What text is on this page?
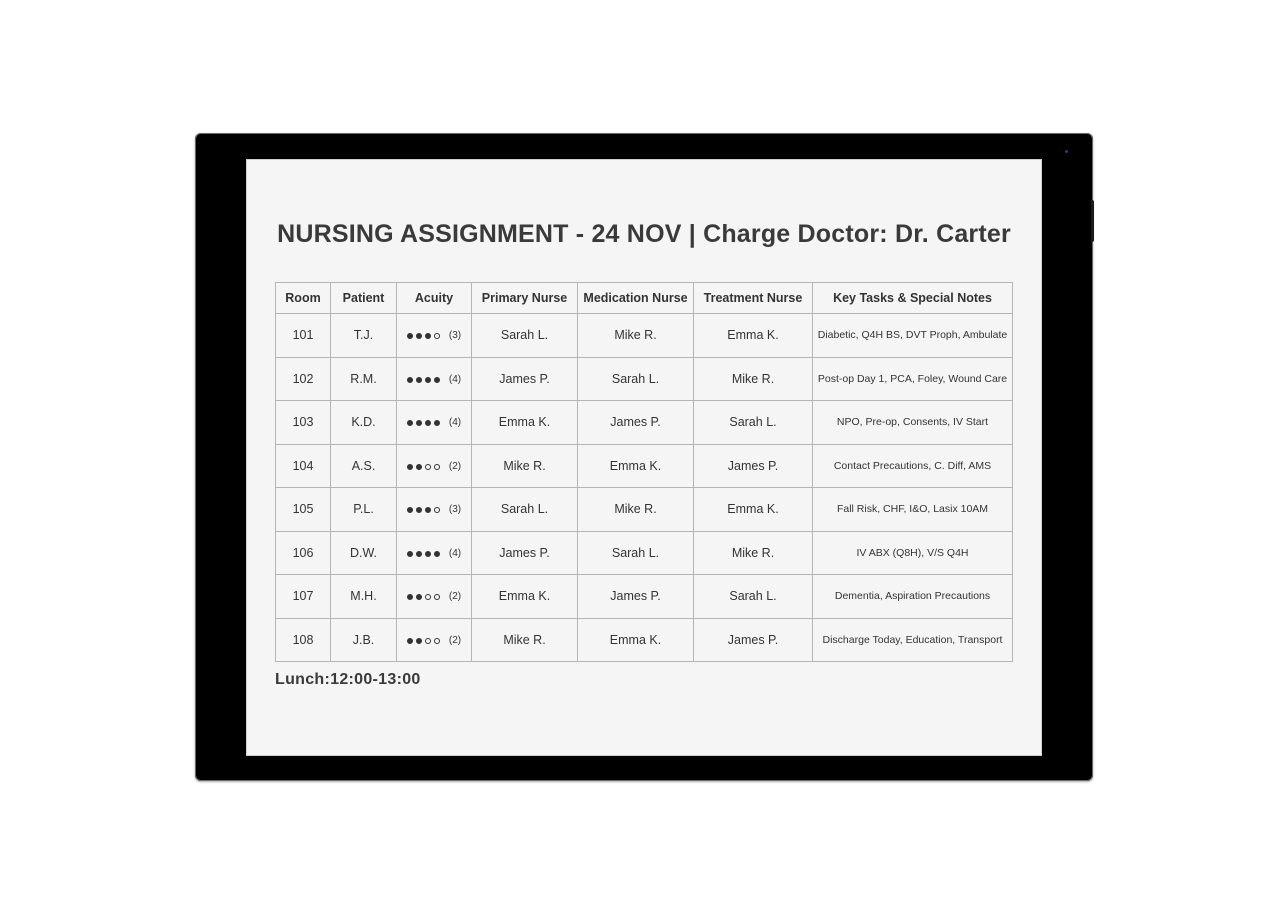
NURSING ASSIGNMENT - 24 NOV | Charge Doctor: Dr. Carter
Room	Patient	Acuity	Primary Nurse	Medication Nurse	Treatment Nurse	Key Tasks & Special Notes
101	T.J.	(3)	Sarah L.	Mike R.	Emma K.	Diabetic, Q4H BS, DVT Proph, Ambulate
102	R.M.	(4)	James P.	Sarah L.	Mike R.	Post-op Day 1, PCA, Foley, Wound Care
103	K.D.	(4)	Emma K.	James P.	Sarah L.	NPO, Pre-op, Consents, IV Start
104	A.S.	(2)	Mike R.	Emma K.	James P.	Contact Precautions, C. Diff, AMS
105	P.L.	(3)	Sarah L.	Mike R.	Emma K.	Fall Risk, CHF, I&O, Lasix 10AM
106	D.W.	(4)	James P.	Sarah L.	Mike R.	IV ABX (Q8H), V/S Q4H
107	M.H.	(2)	Emma K.	James P.	Sarah L.	Dementia, Aspiration Precautions
108	J.B.	(2)	Mike R.	Emma K.	James P.	Discharge Today, Education, Transport
Lunch:12:00-13:00
